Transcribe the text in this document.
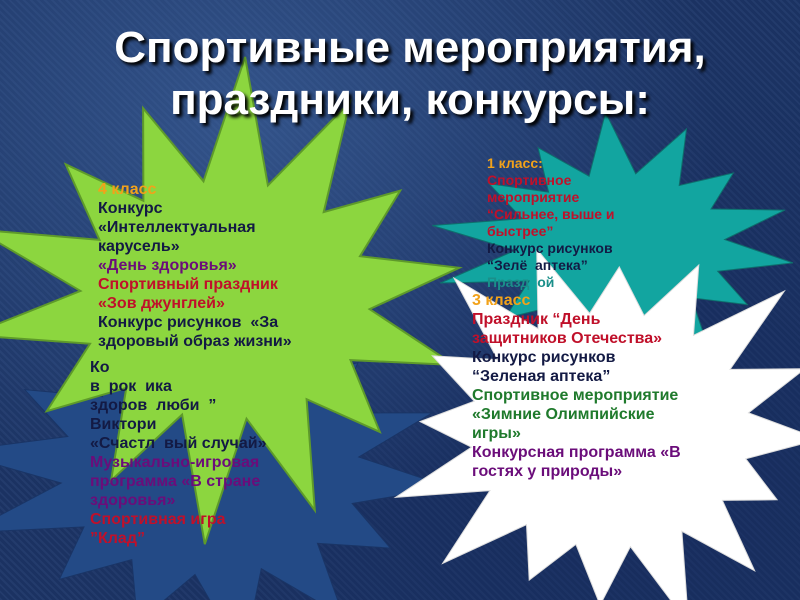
Спортивные мероприятия,
праздники, конкурсы:
Ко
в  рок  ика
здоров  люби  ”
Виктори
«Счастл  вый случай»
Музыкально-игровая
программа «В стране
здоровья»
Спортивная игра
”Клад”
4 класс
Конкурс
«Интеллектуальная
карусель»
«День здоровья»
Спортивный праздник
«Зов джунглей»
Конкурс рисунков  «За
здоровый образ жизни»
1 класс:
Спортивное
мероприятие
“Сильнее, выше и
быстрее”
Конкурс рисунков
“Зелё  аптека”
Празд  ой
3 класс
Праздник “День
защитников Отечества»
Конкурс рисунков
“Зеленая аптека”
Спортивное мероприятие
«Зимние Олимпийские
игры»
Конкурсная программа «В
гостях у природы»
